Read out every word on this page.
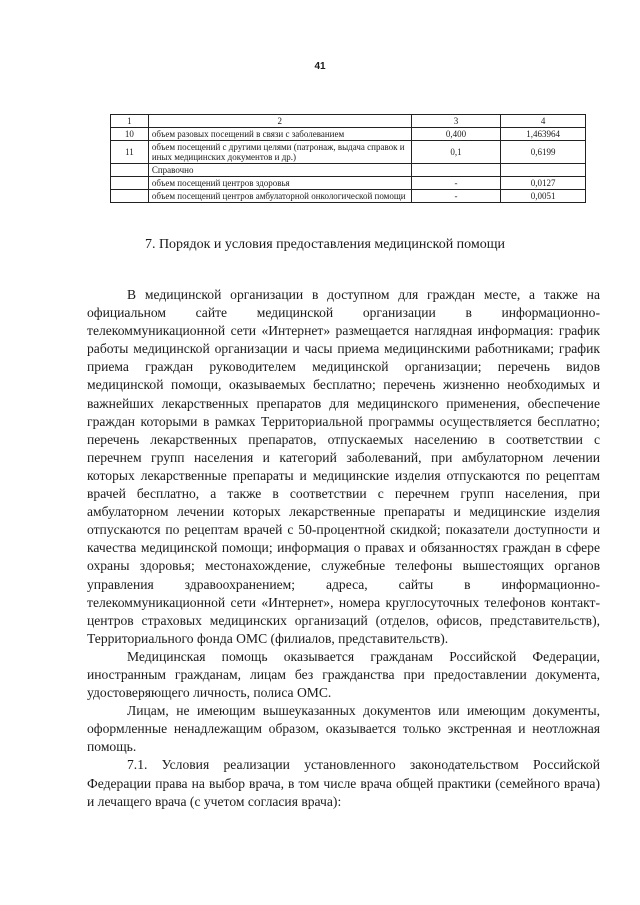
41
1	2	3	4
10	объем разовых посещений в связи с заболеванием	0,400	1,463964
11	объем посещений с другими целями (патронаж, выдача справок и иных медицинских документов и др.)	0,1	0,6199
	Справочно		
	объем посещений центров здоровья	-	0,0127
	объем посещений центров амбулаторной онкологической помощи	-	0,0051
7. Порядок и условия предоставления медицинской помощи

В медицинской организации в доступном для граждан месте, а также на официальном сайте медицинской организации в информационно-телекоммуникационной сети «Интернет» размещается наглядная информация: график работы медицинской организации и часы приема медицинскими работниками; график приема граждан руководителем медицинской организации; перечень видов медицинской помощи, оказываемых бесплатно; перечень жизненно необходимых и важнейших лекарственных препаратов для медицинского применения, обеспечение граждан которыми в рамках Территориальной программы осуществляется бесплатно; перечень лекарственных препаратов, отпускаемых населению в соответствии с перечнем групп населения и категорий заболеваний, при амбулаторном лечении которых лекарственные препараты и медицинские изделия отпускаются по рецептам врачей бесплатно, а также в соответствии с перечнем групп населения, при амбулаторном лечении которых лекарственные препараты и медицинские изделия отпускаются по рецептам врачей с 50-процентной скидкой; показатели доступности и качества медицинской помощи; информация о правах и обязанностях граждан в сфере охраны здоровья; местонахождение, служебные телефоны вышестоящих органов управления здравоохранением; адреса, сайты в информационно-телекоммуникационной сети «Интернет», номера круглосуточных телефонов контакт-центров страховых медицинских организаций (отделов, офисов, представительств), Территориального фонда ОМС (филиалов, представительств).

Медицинская помощь оказывается гражданам Российской Федерации, иностранным гражданам, лицам без гражданства при предоставлении документа, удостоверяющего личность, полиса ОМС.

Лицам, не имеющим вышеуказанных документов или имеющим документы, оформленные ненадлежащим образом, оказывается только экстренная и неотложная помощь.

7.1. Условия реализации установленного законодательством Российской Федерации права на выбор врача, в том числе врача общей практики (семейного врача) и лечащего врача (с учетом согласия врача):
